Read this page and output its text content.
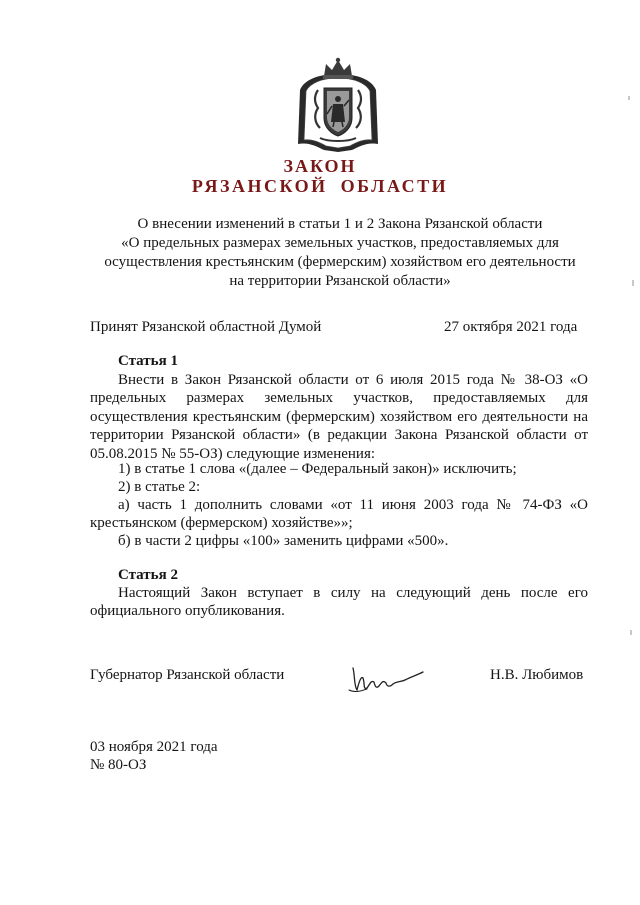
ЗАКОН
РЯЗАНСКОЙ ОБЛАСТИ
О внесении изменений в статьи 1 и 2 Закона Рязанской области
«О предельных размерах земельных участков, предоставляемых для
осуществления крестьянским (фермерским) хозяйством его деятельности
на территории Рязанской области»
Принят Рязанской областной Думой	27 октября 2021 года
Статья 1
Внести в Закон Рязанской области от 6 июля 2015 года № 38-ОЗ «О предельных размерах земельных участков, предоставляемых для осуществления крестьянским (фермерским) хозяйством его деятельности на территории Рязанской области» (в редакции Закона Рязанской области от 05.08.2015 № 55-ОЗ) следующие изменения:
1) в статье 1 слова «(далее – Федеральный закон)» исключить;
2) в статье 2:
а) часть 1 дополнить словами «от 11 июня 2003 года № 74-ФЗ «О крестьянском (фермерском) хозяйстве»»;
б) в части 2 цифры «100» заменить цифрами «500».
Статья 2
Настоящий Закон вступает в силу на следующий день после его официального опубликования.
Губернатор Рязанской области	Н.В. Любимов
03 ноября 2021 года
№ 80-ОЗ
